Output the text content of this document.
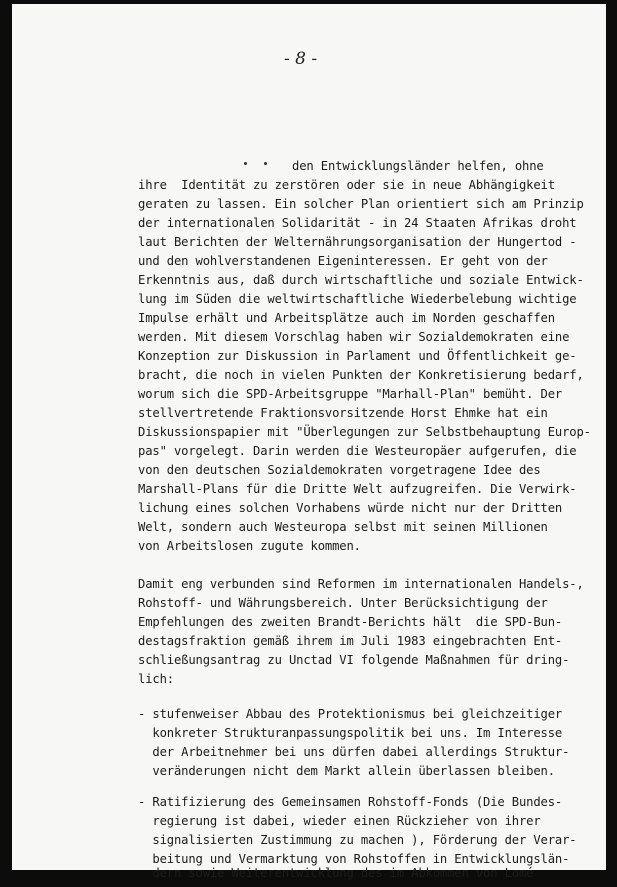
- 8 -
den Entwicklungsländer helfen, ohne
ihre  Identität zu zerstören oder sie in neue Abhängigkeit
geraten zu lassen. Ein solcher Plan orientiert sich am Prinzip
der internationalen Solidarität - in 24 Staaten Afrikas droht
laut Berichten der Welternährungsorganisation der Hungertod -
und den wohlverstandenen Eigeninteressen. Er geht von der
Erkenntnis aus, daß durch wirtschaftliche und soziale Entwick-
lung im Süden die weltwirtschaftliche Wiederbelebung wichtige
Impulse erhält und Arbeitsplätze auch im Norden geschaffen
werden. Mit diesem Vorschlag haben wir Sozialdemokraten eine
Konzeption zur Diskussion in Parlament und Öffentlichkeit ge-
bracht, die noch in vielen Punkten der Konkretisierung bedarf,
worum sich die SPD-Arbeitsgruppe "Marhall-Plan" bemüht. Der
stellvertretende Fraktionsvorsitzende Horst Ehmke hat ein
Diskussionspapier mit "Überlegungen zur Selbstbehauptung Europ-
pas" vorgelegt. Darin werden die Westeuropäer aufgerufen, die
von den deutschen Sozialdemokraten vorgetragene Idee des
Marshall-Plans für die Dritte Welt aufzugreifen. Die Verwirk-
lichung eines solchen Vorhabens würde nicht nur der Dritten
Welt, sondern auch Westeuropa selbst mit seinen Millionen
von Arbeitslosen zugute kommen.
Damit eng verbunden sind Reformen im internationalen Handels-,
Rohstoff- und Währungsbereich. Unter Berücksichtigung der
Empfehlungen des zweiten Brandt-Berichts hält  die SPD-Bun-
destagsfraktion gemäß ihrem im Juli 1983 eingebrachten Ent-
schließungsantrag zu Unctad VI folgende Maßnahmen für dring-
lich:
- stufenweiser Abbau des Protektionismus bei gleichzeitiger
konkreter Strukturanpassungspolitik bei uns. Im Interesse
der Arbeitnehmer bei uns dürfen dabei allerdings Struktur-
veränderungen nicht dem Markt allein überlassen bleiben.
- Ratifizierung des Gemeinsamen Rohstoff-Fonds (Die Bundes-
regierung ist dabei, wieder einen Rückzieher von ihrer
signalisierten Zustimmung zu machen ), Förderung der Verar-
beitung und Vermarktung von Rohstoffen in Entwicklungslän-
dern sowie Weiterentwicklung des im Abkommen von Lomé
